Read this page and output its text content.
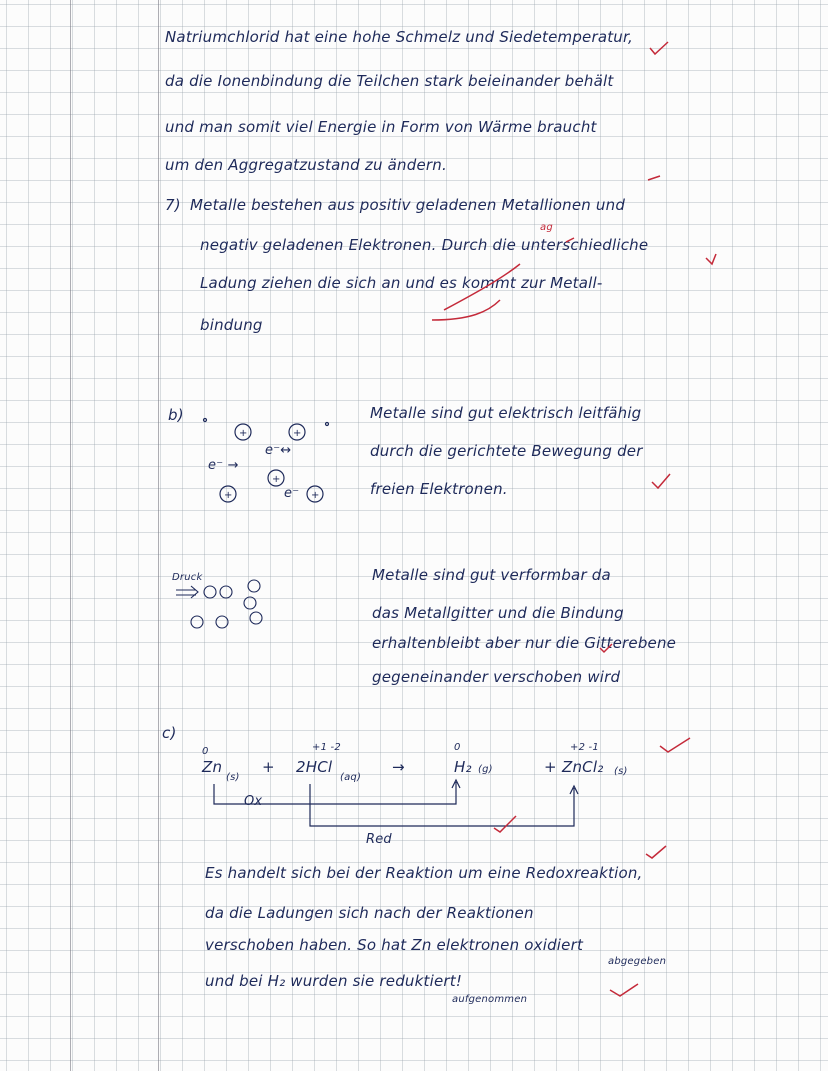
Natriumchlorid hat eine hohe Schmelz und Siedetemperatur,
da die Ionenbindung die Teilchen stark beieinander behält
und man somit viel Energie in Form von Wärme braucht
um den Aggregatzustand zu ändern.
7) Metalle bestehen aus positiv geladenen Metallionen und
negativ geladenen Elektronen. Durch die unterschiedliche
Ladung ziehen die sich an und es kommt zur Metall-
bindung
ag
b)
e⁻ →
e⁻↔
e⁻
Metalle sind gut elektrisch leitfähig
durch die gerichtete Bewegung der
freien Elektronen.
Druck	Metalle sind gut verformbar da
das Metallgitter und die Bindung
erhaltenbleibt aber nur die Gitterebene
gegeneinander verschoben wird
c)
0	+1 -2	0	+2 -1
Zn
(s)
+ 2HCl
(aq)
→	H₂ (g)	+ ZnCl₂ (s)
Ox
Red
Es handelt sich bei der Reaktion um eine Redoxreaktion,
da die Ladungen sich nach der Reaktionen
verschoben haben. So hat Zn elektronen oxidiert
und bei H₂ wurden sie reduktiert!
abgegeben
aufgenommen
+	+
+
+	+
